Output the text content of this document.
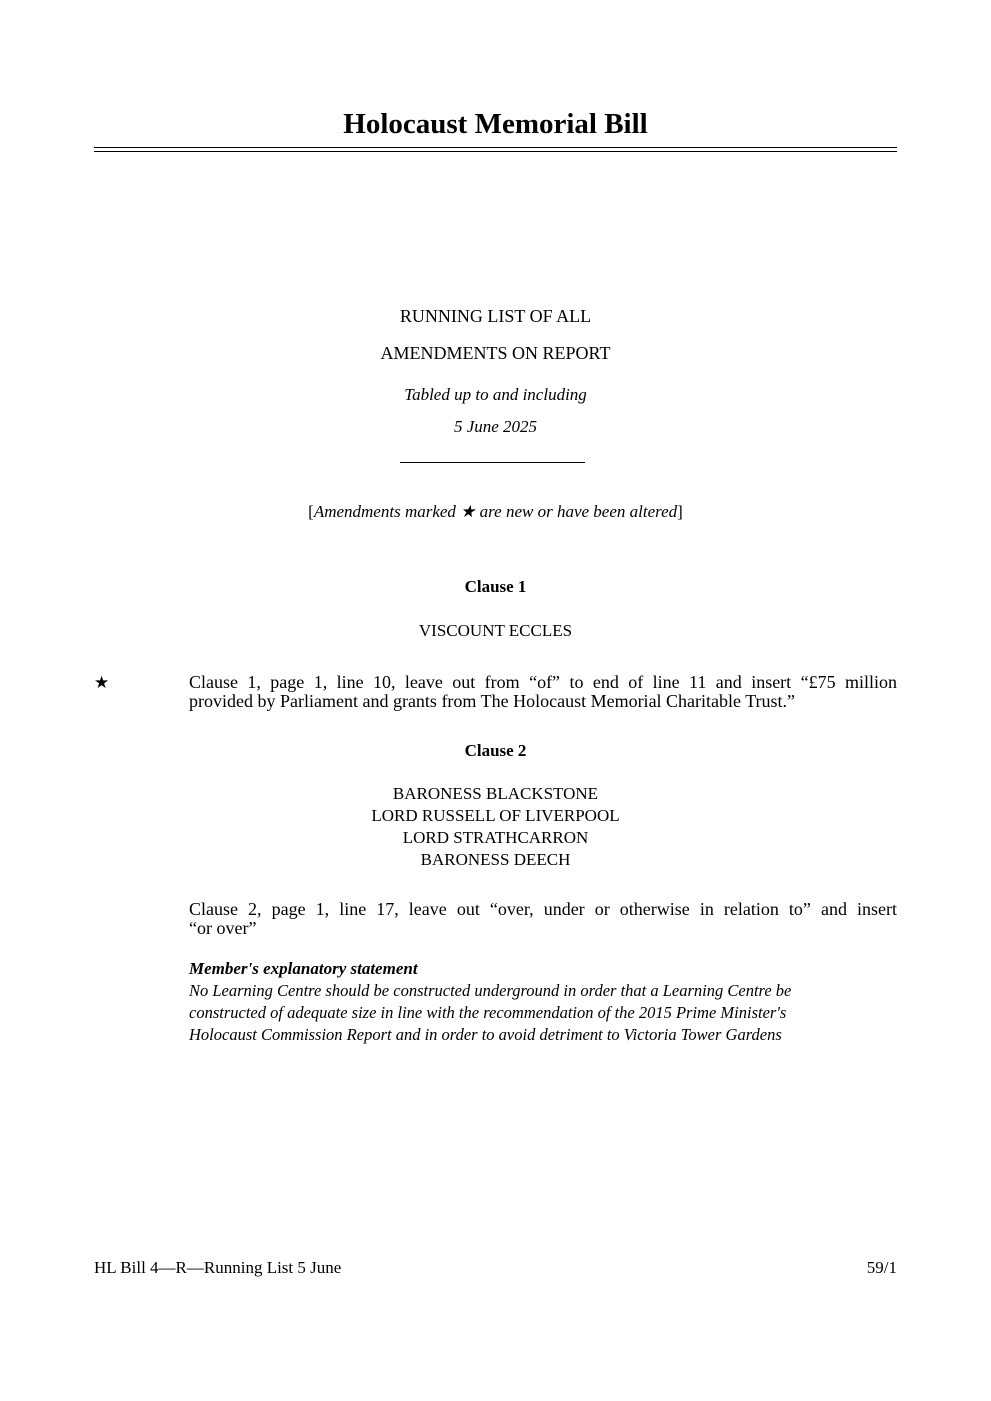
Holocaust Memorial Bill
RUNNING LIST OF ALL
AMENDMENTS ON REPORT
Tabled up to and including
5 June 2025
[Amendments marked ★ are new or have been altered]
Clause 1
VISCOUNT ECCLES
★	Clause 1, page 1, line 10, leave out from “of” to end of line 11 and insert “£75 million
provided by Parliament and grants from The Holocaust Memorial Charitable Trust.”
Clause 2
BARONESS BLACKSTONE
LORD RUSSELL OF LIVERPOOL
LORD STRATHCARRON
BARONESS DEECH
Clause 2, page 1, line 17, leave out “over, under or otherwise in relation to” and insert
“or over”
Member's explanatory statement
No Learning Centre should be constructed underground in order that a Learning Centre be
constructed of adequate size in line with the recommendation of the 2015 Prime Minister's
Holocaust Commission Report and in order to avoid detriment to Victoria Tower Gardens
HL Bill 4—R—Running List 5 June	59/1
